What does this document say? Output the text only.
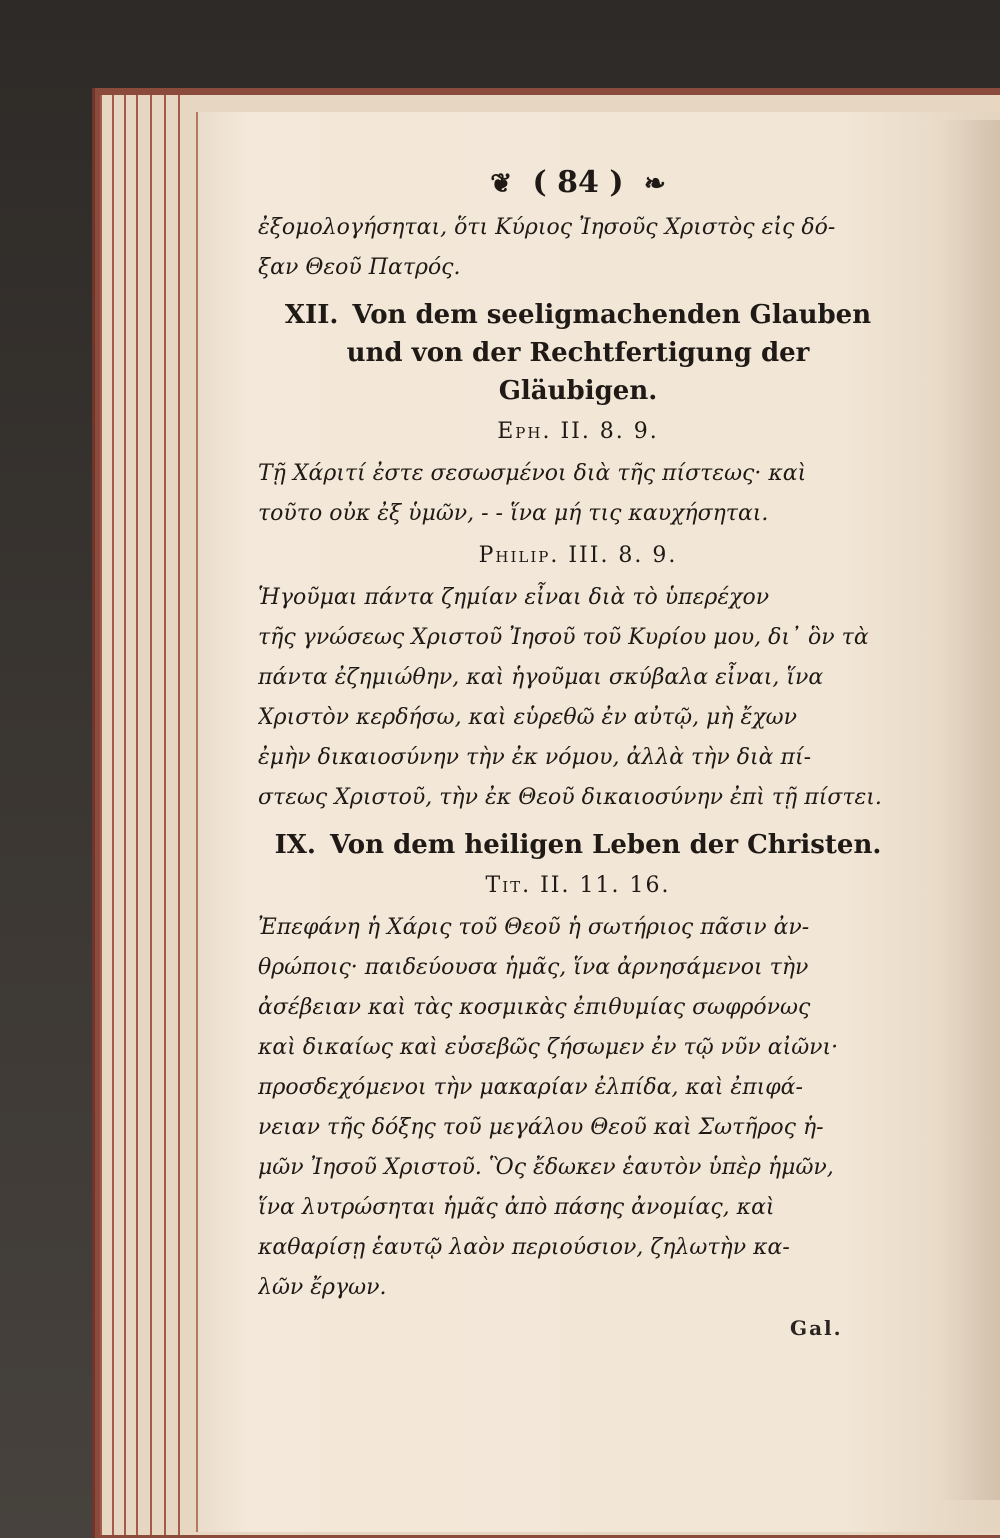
❦ ( 84 ) ❧
ἐξομολογήσηται, ὅτι Κύριος Ἰησοῦς Χριστὸς εἰς δό-
ξαν Θεοῦ Πατρός.
XII. Von dem seeligmachenden Glauben
und von der Rechtfertigung der
Gläubigen.
Eph. II. 8. 9.
Τῇ Χάριτί ἐστε σεσωσμένοι διὰ τῆς πίστεως· καὶ
τοῦτο οὐκ ἐξ ὑμῶν, - - ἵνα μή τις καυχήσηται.
Philip. III. 8. 9.
Ἡγοῦμαι πάντα ζημίαν εἶναι διὰ τὸ ὑπερέχον
τῆς γνώσεως Χριστοῦ Ἰησοῦ τοῦ Κυρίου μου, δι᾽ ὃν τὰ
πάντα ἐζημιώθην, καὶ ἡγοῦμαι σκύβαλα εἶναι, ἵνα
Χριστὸν κερδήσω, καὶ εὑρεθῶ ἐν αὐτῷ, μὴ ἔχων
ἐμὴν δικαιοσύνην τὴν ἐκ νόμου, ἀλλὰ τὴν διὰ πί-
στεως Χριστοῦ, τὴν ἐκ Θεοῦ δικαιοσύνην ἐπὶ τῇ πίστει.
IX. Von dem heiligen Leben der Christen.
Tit. II. 11. 16.
Ἐπεφάνη ἡ Χάρις τοῦ Θεοῦ ἡ σωτήριος πᾶσιν ἀν-
θρώποις· παιδεύουσα ἡμᾶς, ἵνα ἀρνησάμενοι τὴν
ἀσέβειαν καὶ τὰς κοσμικὰς ἐπιθυμίας σωφρόνως
καὶ δικαίως καὶ εὐσεβῶς ζήσωμεν ἐν τῷ νῦν αἰῶνι·
προσδεχόμενοι τὴν μακαρίαν ἐλπίδα, καὶ ἐπιφά-
νειαν τῆς δόξης τοῦ μεγάλου Θεοῦ καὶ Σωτῆρος ἡ-
μῶν Ἰησοῦ Χριστοῦ. Ὃς ἔδωκεν ἑαυτὸν ὑπὲρ ἡμῶν,
ἵνα λυτρώσηται ἡμᾶς ἀπὸ πάσης ἀνομίας, καὶ
καθαρίσῃ ἑαυτῷ λαὸν περιούσιον, ζηλωτὴν κα-
λῶν ἔργων.
Gal.
